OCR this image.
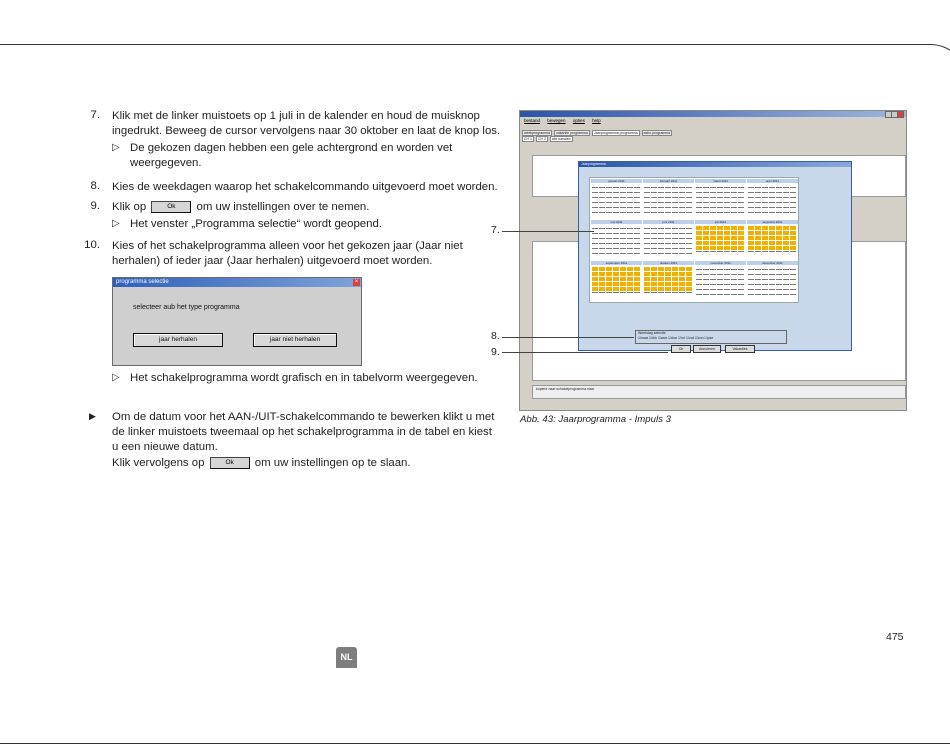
7. Klik met de linker muistoets op 1 juli in de kalender en houd de muisknop
ingedrukt. Beweeg de cursor vervolgens naar 30 oktober en laat de knop los.
▷ De gekozen dagen hebben een gele achtergrond en worden vet
weergegeven.
8. Kies de weekdagen waarop het schakelcommando uitgevoerd moet worden.
9. Klik op	Ok om uw instellingen over te nemen.
▷ Het venster „Programma selectie“ wordt geopend.
10. Kies of het schakelprogramma alleen voor het gekozen jaar (Jaar niet
herhalen) of ieder jaar (Jaar herhalen) uitgevoerd moet worden.
programma selectie	×
selecteer aub het type programma
jaar herhalen	jaar niet herhalen
▷ Het schakelprogramma wordt grafisch en in tabelvorm weergegeven.
▶ Om de datum voor het AAN-/UIT-schakelcommando te bewerken klikt u met
de linker muistoets tweemaal op het schakelprogramma in de tabel en kiest
u een nieuwe datum.
Klik vervolgens op	Ok om uw instellingen op te slaan.
bestand bewegen opties help
weekprogramma vakantie programma Jaarprogramma programma astro programma
CH 1 CH 2 alle kanalen
kopiere naar schakelprogramma naar
Jaarprogramma
januari 2011	februari 2011	maart 2011	april 2011
mei 2011	juni 2011	juli 2011	augustus 2011
september 2011	oktober 2011	november 2011	december 2011
Weekdag selectie
☑maa ☑din ☑woe ☑don ☑vri ☑zat ☑zon ☑pse
Ok	Annuleren	Vakanties
7.
8.
9.
Abb. 43: Jaarprogramma - Impuls 3
475
NL
